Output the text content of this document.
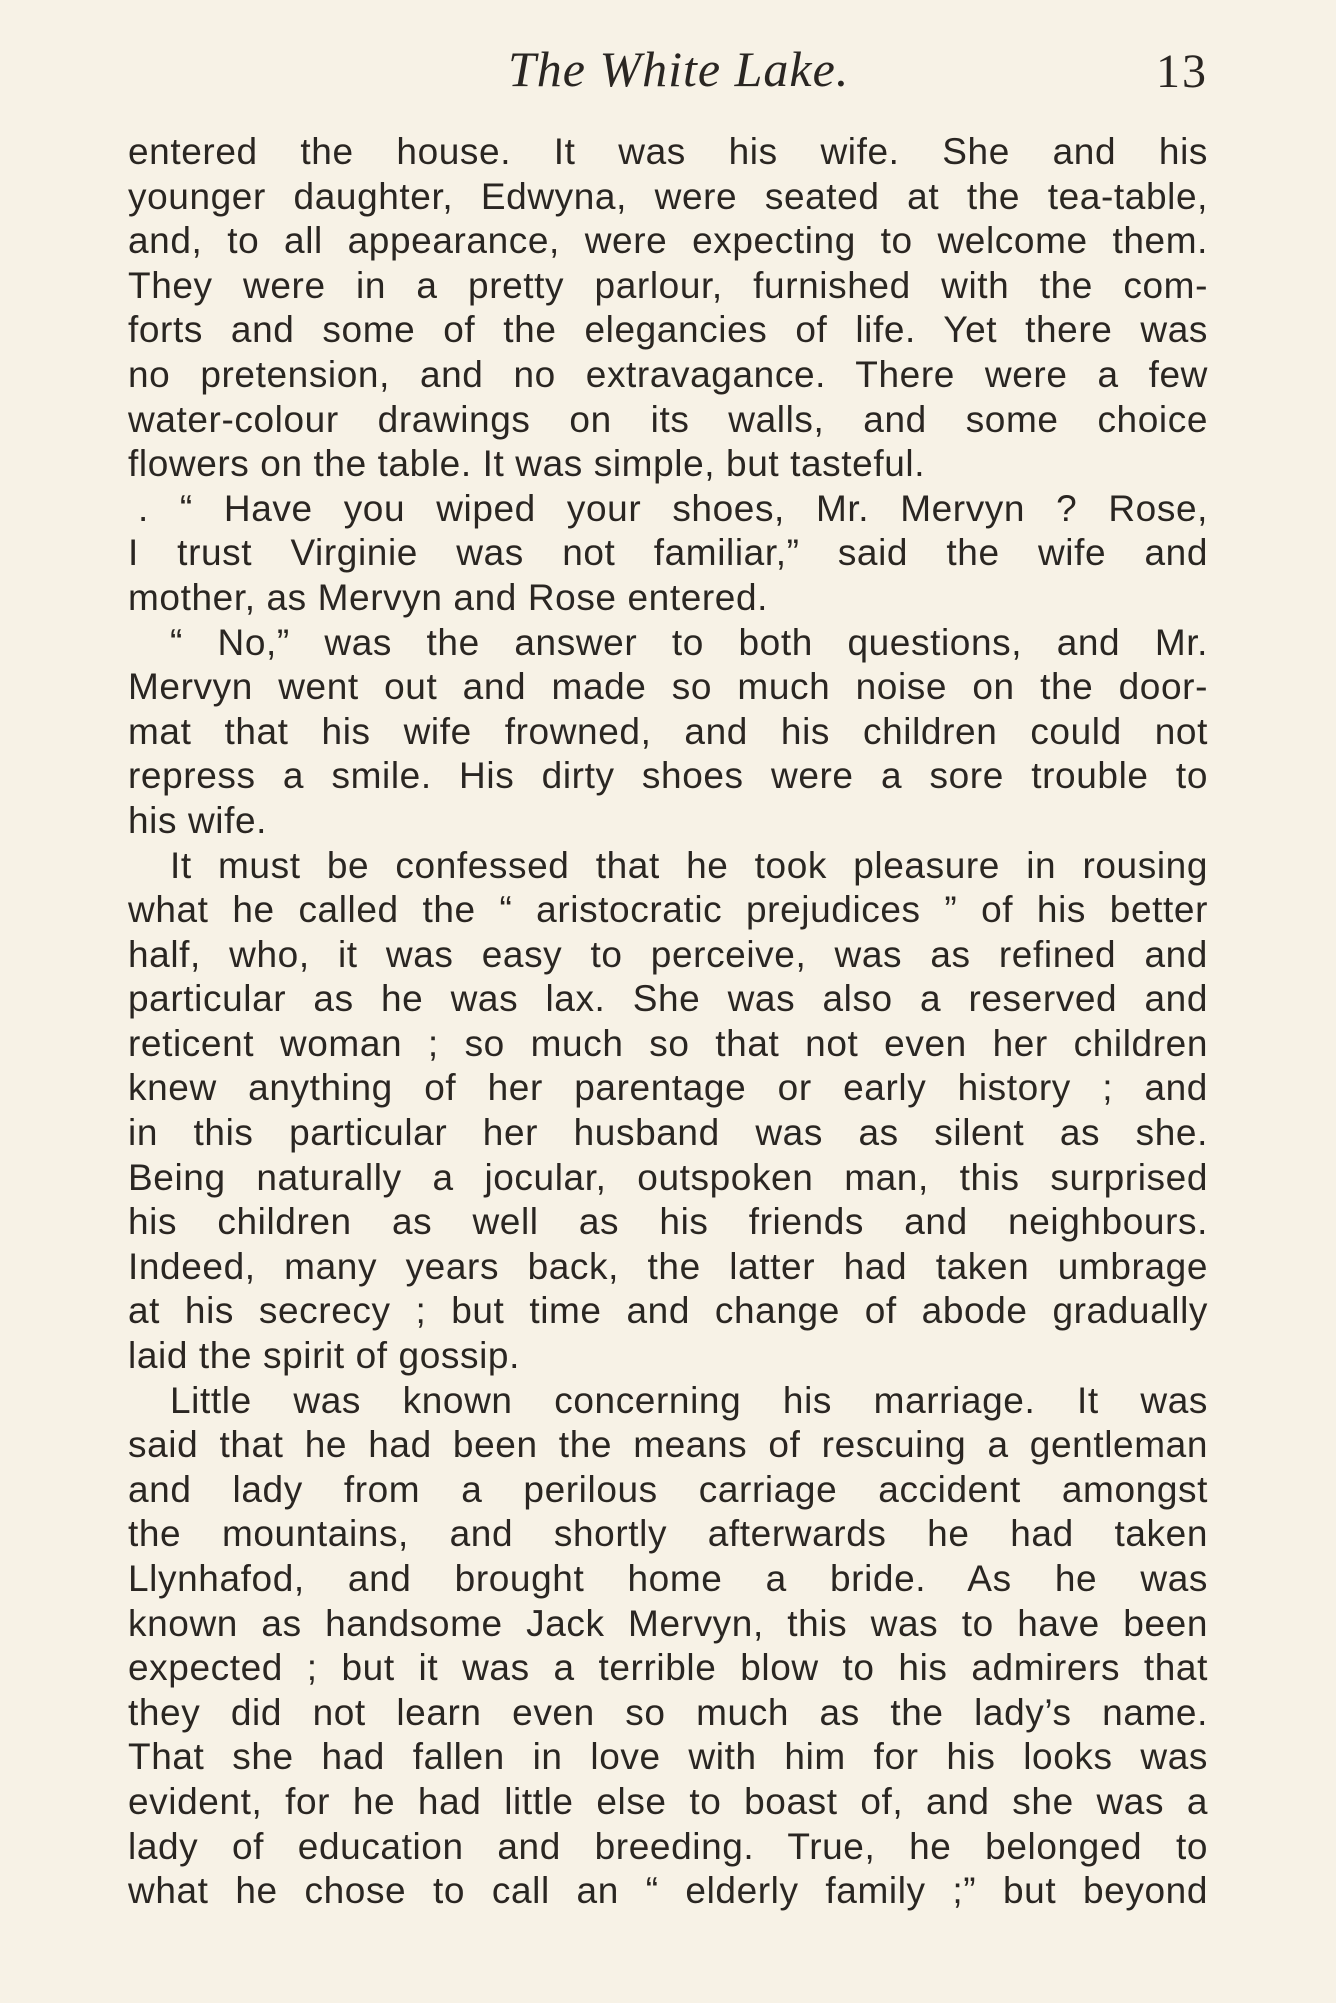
The White Lake.	13
entered the house. It was his wife. She and his
younger daughter, Edwyna, were seated at the tea-table,
and, to all appearance, were expecting to welcome them.
They were in a pretty parlour, furnished with the com-
forts and some of the elegancies of life. Yet there was
no pretension, and no extravagance. There were a few
water-colour drawings on its walls, and some choice
flowers on the table. It was simple, but tasteful.
. “ Have you wiped your shoes, Mr. Mervyn ? Rose,
I trust Virginie was not familiar,” said the wife and
mother, as Mervyn and Rose entered.
“ No,” was the answer to both questions, and Mr.
Mervyn went out and made so much noise on the door-
mat that his wife frowned, and his children could not
repress a smile. His dirty shoes were a sore trouble to
his wife.
It must be confessed that he took pleasure in rousing
what he called the “ aristocratic prejudices ” of his better
half, who, it was easy to perceive, was as refined and
particular as he was lax. She was also a reserved and
reticent woman ; so much so that not even her children
knew anything of her parentage or early history ; and
in this particular her husband was as silent as she.
Being naturally a jocular, outspoken man, this surprised
his children as well as his friends and neighbours.
Indeed, many years back, the latter had taken umbrage
at his secrecy ; but time and change of abode gradually
laid the spirit of gossip.
Little was known concerning his marriage. It was
said that he had been the means of rescuing a gentleman
and lady from a perilous carriage accident amongst
the mountains, and shortly afterwards he had taken
Llynhafod, and brought home a bride. As he was
known as handsome Jack Mervyn, this was to have been
expected ; but it was a terrible blow to his admirers that
they did not learn even so much as the lady’s name.
That she had fallen in love with him for his looks was
evident, for he had little else to boast of, and she was a
lady of education and breeding. True, he belonged to
what he chose to call an “ elderly family ;” but beyond
